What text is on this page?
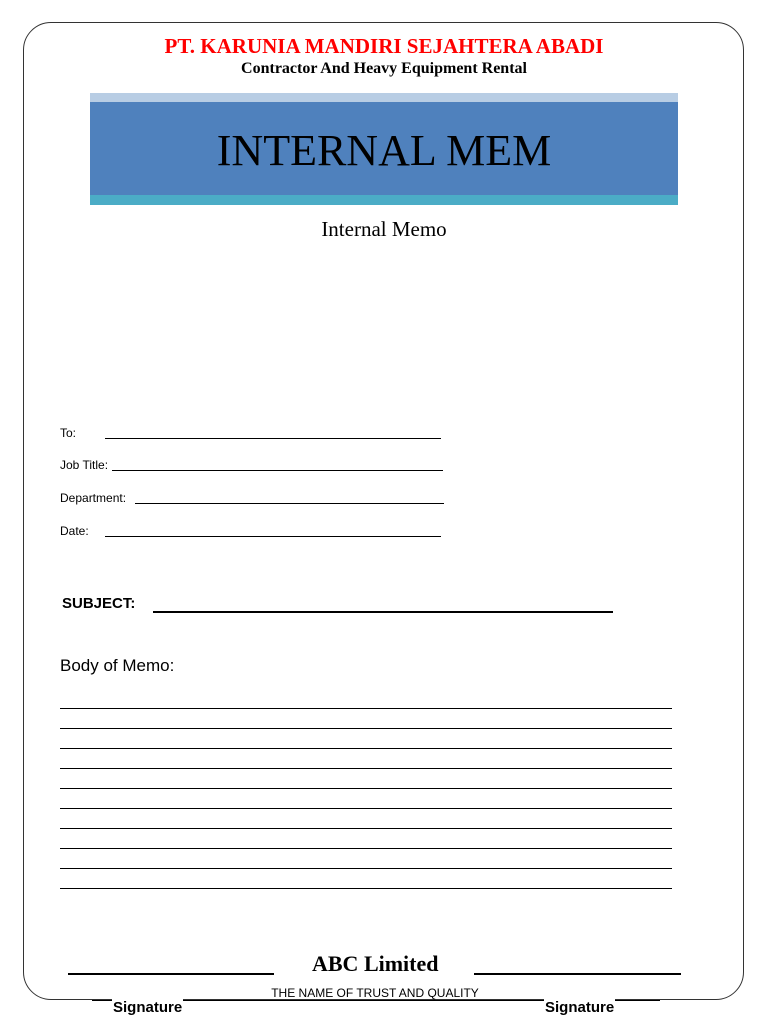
PT. KARUNIA MANDIRI SEJAHTERA ABADI
Contractor And Heavy Equipment Rental
INTERNAL MEM
Internal Memo
To:
Job Title:
Department:
Date:
SUBJECT:
Body of Memo:
ABC Limited
THE NAME OF TRUST AND QUALITY
Signature	Signature
